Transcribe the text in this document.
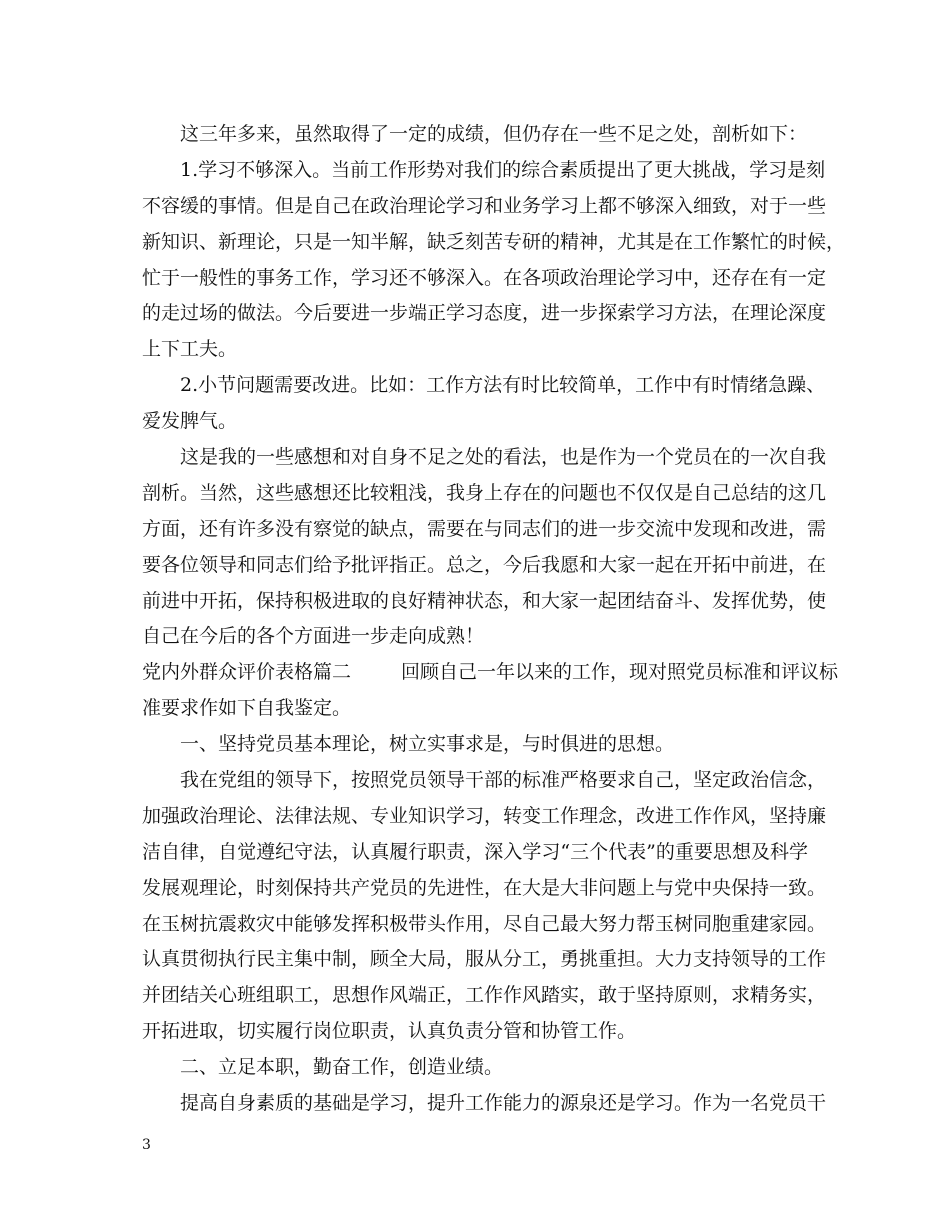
这三年多来，虽然取得了一定的成绩，但仍存在一些不足之处，剖析如下：
1.学习不够深入。当前工作形势对我们的综合素质提出了更大挑战，学习是刻
不容缓的事情。但是自己在政治理论学习和业务学习上都不够深入细致，对于一些
新知识、新理论，只是一知半解，缺乏刻苦专研的精神，尤其是在工作繁忙的时候，
忙于一般性的事务工作，学习还不够深入。在各项政治理论学习中，还存在有一定
的走过场的做法。今后要进一步端正学习态度，进一步探索学习方法，在理论深度
上下工夫。
2.小节问题需要改进。比如：工作方法有时比较简单，工作中有时情绪急躁、
爱发脾气。
这是我的一些感想和对自身不足之处的看法，也是作为一个党员在的一次自我
剖析。当然，这些感想还比较粗浅，我身上存在的问题也不仅仅是自己总结的这几
方面，还有许多没有察觉的缺点，需要在与同志们的进一步交流中发现和改进，需
要各位领导和同志们给予批评指正。总之，今后我愿和大家一起在开拓中前进，在
前进中开拓，保持积极进取的良好精神状态，和大家一起团结奋斗、发挥优势，使
自己在今后的各个方面进一步走向成熟！
党内外群众评价表格篇二	回顾自己一年以来的工作，现对照党员标准和评议标
准要求作如下自我鉴定。
一、坚持党员基本理论，树立实事求是，与时俱进的思想。
我在党组的领导下，按照党员领导干部的标准严格要求自己，坚定政治信念，
加强政治理论、法律法规、专业知识学习，转变工作理念，改进工作作风，坚持廉
洁自律，自觉遵纪守法，认真履行职责，深入学习“三个代表”的重要思想及科学
发展观理论，时刻保持共产党员的先进性，在大是大非问题上与党中央保持一致。
在玉树抗震救灾中能够发挥积极带头作用，尽自己最大努力帮玉树同胞重建家园。
认真贯彻执行民主集中制，顾全大局，服从分工，勇挑重担。大力支持领导的工作
并团结关心班组职工，思想作风端正，工作作风踏实，敢于坚持原则，求精务实，
开拓进取，切实履行岗位职责，认真负责分管和协管工作。
二、立足本职，勤奋工作，创造业绩。
提高自身素质的基础是学习，提升工作能力的源泉还是学习。作为一名党员干
3
